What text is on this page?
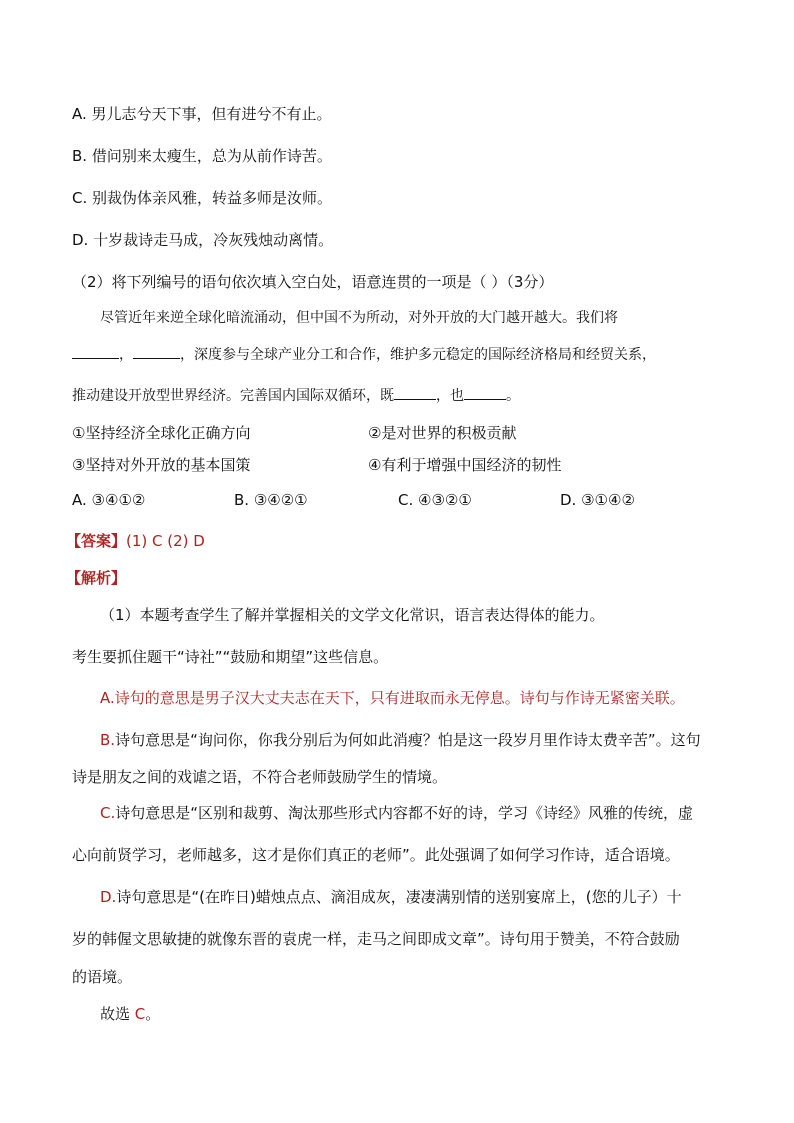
A. 男儿志兮天下事，但有进兮不有止。
B. 借问别来太瘦生，总为从前作诗苦。
C. 别裁伪体亲风雅，转益多师是汝师。
D. 十岁裁诗走马成，冷灰残烛动离情。
（2）将下列编号的语句依次填入空白处，语意连贯的一项是（ ）（3分）
尽管近年来逆全球化暗流涌动，但中国不为所动，对外开放的大门越开越大。我们将
，	，深度参与全球产业分工和合作，维护多元稳定的国际经济格局和经贸关系，
推动建设开放型世界经济。完善国内国际双循环，既	，也	。
①坚持经济全球化正确方向	②是对世界的积极贡献
③坚持对外开放的基本国策	④有利于增强中国经济的韧性
A. ③④①②	B. ③④②①	C. ④③②①	D. ③①④②
【答案】(1) C (2) D
【解析】
（1）本题考查学生了解并掌握相关的文学文化常识，语言表达得体的能力。
考生要抓住题干“诗社”“鼓励和期望”这些信息。
A.诗句的意思是男子汉大丈夫志在天下，只有进取而永无停息。诗句与作诗无紧密关联。
B.诗句意思是“询问你，你我分别后为何如此消瘦？怕是这一段岁月里作诗太费辛苦”。这句
诗是朋友之间的戏谑之语，不符合老师鼓励学生的情境。
C.诗句意思是“区别和裁剪、淘汰那些形式内容都不好的诗，学习《诗经》风雅的传统，虚
心向前贤学习，老师越多，这才是你们真正的老师”。此处强调了如何学习作诗，适合语境。
D.诗句意思是“(在昨日)蜡烛点点、滴泪成灰，凄凄满别情的送别宴席上，(您的儿子）十
岁的韩偓文思敏捷的就像东晋的袁虎一样，走马之间即成文章”。诗句用于赞美，不符合鼓励
的语境。
故选 C。
